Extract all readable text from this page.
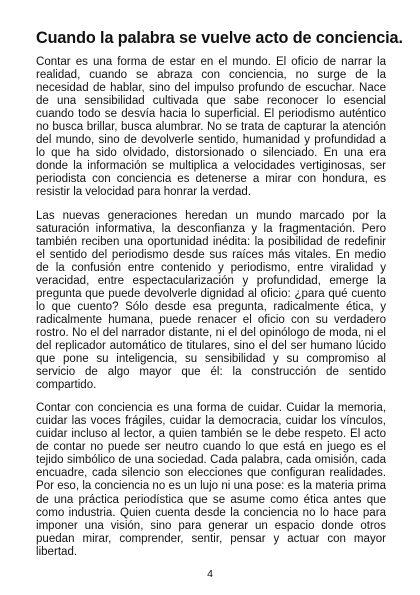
Cuando la palabra se vuelve acto de conciencia.

Contar es una forma de estar en el mundo. El oficio de narrar la realidad, cuando se abraza con conciencia, no surge de la necesidad de hablar, sino del impulso profundo de escuchar. Nace de una sensibilidad cultivada que sabe reconocer lo esencial cuando todo se desvía hacia lo superficial. El periodismo auténtico no busca brillar, busca alumbrar. No se trata de capturar la atención del mundo, sino de devolverle sentido, humanidad y profundidad a lo que ha sido olvidado, distorsionado o silenciado. En una era donde la información se multiplica a velocidades vertiginosas, ser periodista con conciencia es detenerse a mirar con hondura, es resistir la velocidad para honrar la verdad.

Las nuevas generaciones heredan un mundo marcado por la saturación informativa, la desconfianza y la fragmentación. Pero también reciben una oportunidad inédita: la posibilidad de redefinir el sentido del periodismo desde sus raíces más vitales. En medio de la confusión entre contenido y periodismo, entre viralidad y veracidad, entre espectacularización y profundidad, emerge la pregunta que puede devolverle dignidad al oficio: ¿para qué cuento lo que cuento? Sólo desde esa pregunta, radicalmente ética, y radicalmente humana, puede renacer el oficio con su verdadero rostro. No el del narrador distante, ni el del opinólogo de moda, ni el del replicador automático de titulares, sino el del ser humano lúcido que pone su inteligencia, su sensibilidad y su compromiso al servicio de algo mayor que él: la construcción de sentido compartido.

Contar con conciencia es una forma de cuidar. Cuidar la memoria, cuidar las voces frágiles, cuidar la democracia, cuidar los vínculos, cuidar incluso al lector, a quien también se le debe respeto. El acto de contar no puede ser neutro cuando lo que está en juego es el tejido simbólico de una sociedad. Cada palabra, cada omisión, cada encuadre, cada silencio son elecciones que configuran realidades. Por eso, la conciencia no es un lujo ni una pose: es la materia prima de una práctica periodística que se asume como ética antes que como industria. Quien cuenta desde la conciencia no lo hace para imponer una visión, sino para generar un espacio donde otros puedan mirar, comprender, sentir, pensar y actuar con mayor libertad.

4
